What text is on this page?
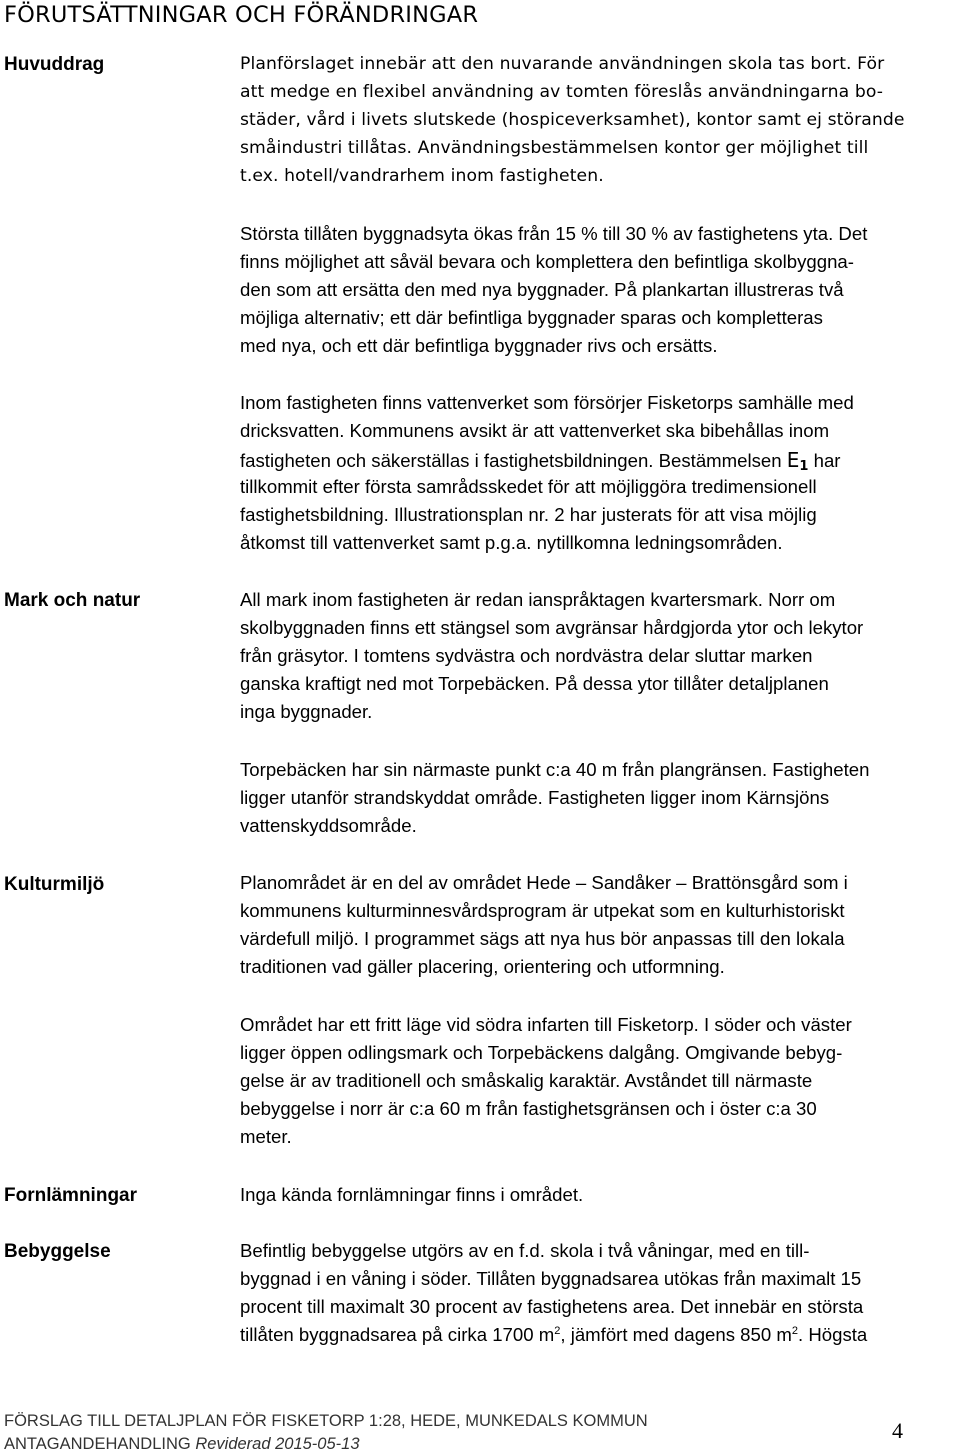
FÖRUTSÄTTNINGAR OCH FÖRÄNDRINGAR
Huvuddrag	Planförslaget innebär att den nuvarande användningen skola tas bort. För
att medge en flexibel användning av tomten föreslås användningarna bo-
städer, vård i livets slutskede (hospiceverksamhet), kontor samt ej störande
småindustri tillåtas. Användningsbestämmelsen kontor ger möjlighet till
t.ex. hotell/vandrarhem inom fastigheten.
Största tillåten byggnadsyta ökas från 15 % till 30 % av fastighetens yta. Det
finns möjlighet att såväl bevara och komplettera den befintliga skolbyggna-
den som att ersätta den med nya byggnader. På plankartan illustreras två
möjliga alternativ; ett där befintliga byggnader sparas och kompletteras
med nya, och ett där befintliga byggnader rivs och ersätts.
Inom fastigheten finns vattenverket som försörjer Fisketorps samhälle med
dricksvatten. Kommunens avsikt är att vattenverket ska bibehållas inom
fastigheten och säkerställas i fastighetsbildningen. Bestämmelsen $E_1$ har
tillkommit efter första samrådsskedet för att möjliggöra tredimensionell
fastighetsbildning. Illustrationsplan nr. 2 har justerats för att visa möjlig
åtkomst till vattenverket samt p.g.a. nytillkomna ledningsområden.
Mark och natur	All mark inom fastigheten är redan ianspråktagen kvartersmark. Norr om
skolbyggnaden finns ett stängsel som avgränsar hårdgjorda ytor och lekytor
från gräsytor. I tomtens sydvästra och nordvästra delar sluttar marken
ganska kraftigt ned mot Torpebäcken. På dessa ytor tillåter detaljplanen
inga byggnader.
Torpebäcken har sin närmaste punkt c:a 40 m från plangränsen. Fastigheten
ligger utanför strandskyddat område. Fastigheten ligger inom Kärnsjöns
vattenskyddsområde.
Kulturmiljö	Planområdet är en del av området Hede – Sandåker – Brattönsgård som i
kommunens kulturminnesvårdsprogram är utpekat som en kulturhistoriskt
värdefull miljö. I programmet sägs att nya hus bör anpassas till den lokala
traditionen vad gäller placering, orientering och utformning.
Området har ett fritt läge vid södra infarten till Fisketorp. I söder och väster
ligger öppen odlingsmark och Torpebäckens dalgång. Omgivande bebyg-
gelse är av traditionell och småskalig karaktär. Avståndet till närmaste
bebyggelse i norr är c:a 60 m från fastighetsgränsen och i öster c:a 30
meter.
Fornlämningar	Inga kända fornlämningar finns i området.
Bebyggelse	Befintlig bebyggelse utgörs av en f.d. skola i två våningar, med en till-
byggnad i en våning i söder. Tillåten byggnadsarea utökas från maximalt 15
procent till maximalt 30 procent av fastighetens area. Det innebär en största
tillåten byggnadsarea på cirka 1700 $m^2$, jämfört med dagens 850 $m^2$. Högsta
FÖRSLAG TILL DETALJPLAN FÖR FISKETORP 1:28, HEDE, MUNKEDALS KOMMUN
ANTAGANDEHANDLING Reviderad 2015-05-13
4
